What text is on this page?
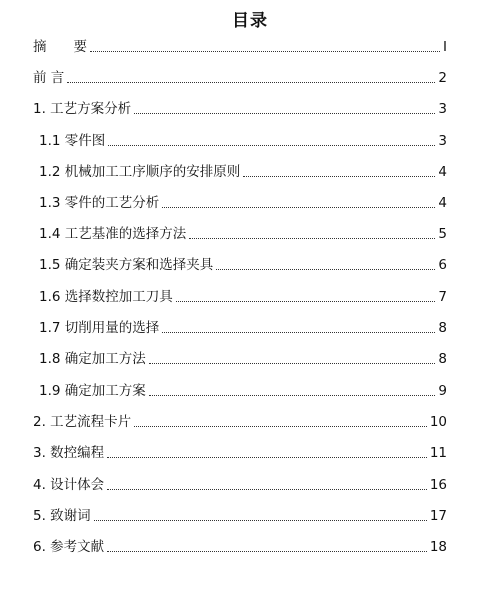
目录
摘　　要	I
前 言	2
1. 工艺方案分析	3
1.1 零件图	3
1.2 机械加工工序顺序的安排原则	4
1.3 零件的工艺分析	4
1.4 工艺基准的选择方法	5
1.5 确定装夹方案和选择夹具	6
1.6 选择数控加工刀具	7
1.7 切削用量的选择	8
1.8 确定加工方法	8
1.9 确定加工方案	9
2. 工艺流程卡片	10
3. 数控编程	11
4. 设计体会	16
5. 致谢词	17
6. 参考文献	18
